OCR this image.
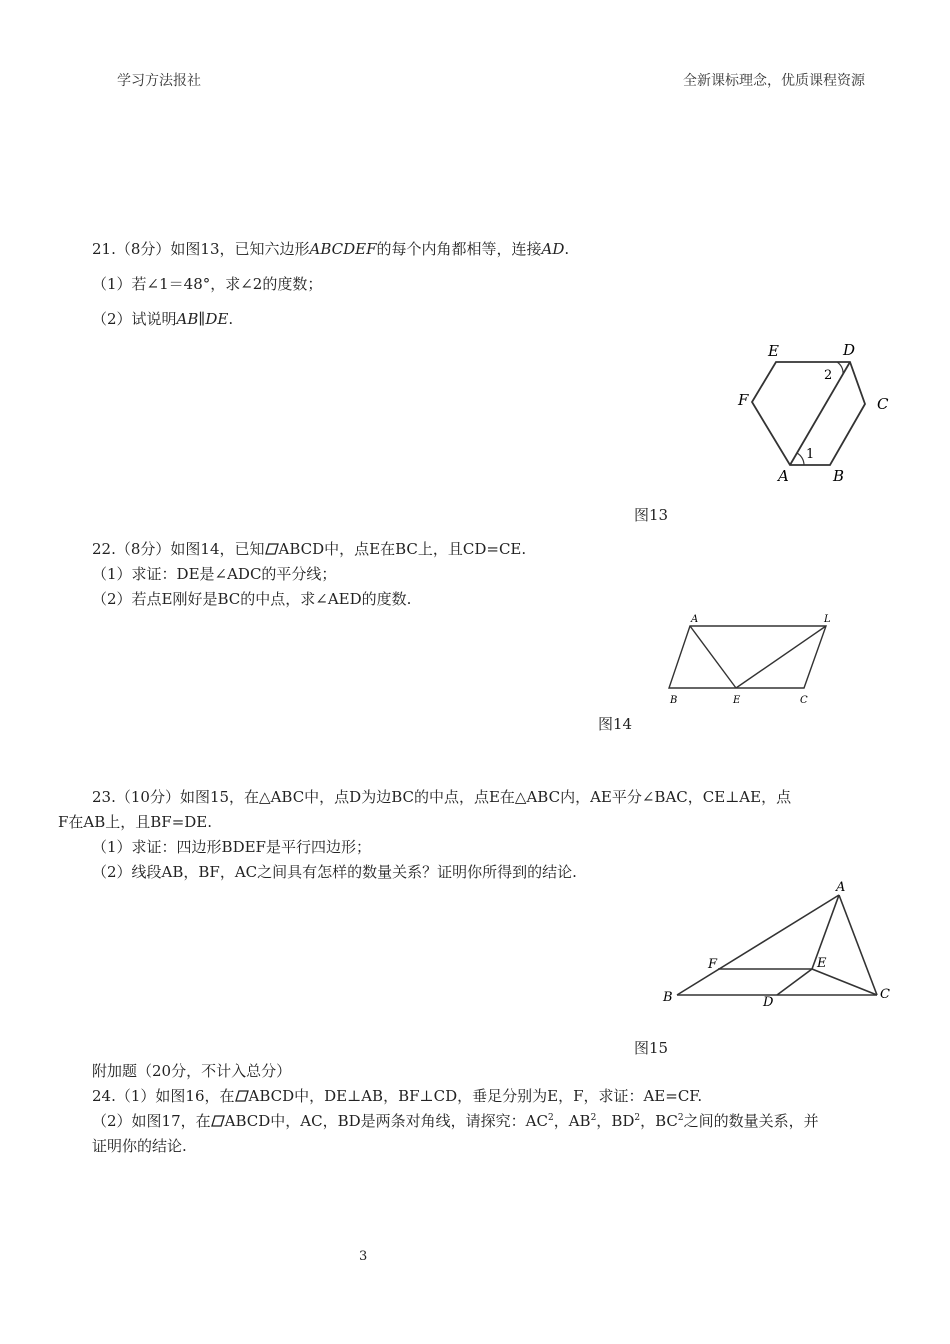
学习方法报社	全新课标理念，优质课程资源
21.（8分）如图13，已知六边形ABCDEF的每个内角都相等，连接AD.
（1）若∠1＝48°，求∠2的度数；
（2）试说明AB∥DE.
E	D
F	C
A	B
1
2
图13
22.（8分）如图14，已知 ABCD中，点E在BC上，且CD=CE.
（1）求证：DE是∠ADC的平分线；
（2）若点E刚好是BC的中点，求∠AED的度数.
A	L
B	E	C
图14
23.（10分）如图15，在△ABC中，点D为边BC的中点，点E在△ABC内，AE平分∠BAC，CE⊥AE，点
F在AB上，且BF=DE.
（1）求证：四边形BDEF是平行四边形；
（2）线段AB，BF，AC之间具有怎样的数量关系？证明你所得到的结论.
A
F	E
B	D
C
图15
附加题（20分，不计入总分）
24.（1）如图16，在 ABCD中，DE⊥AB，BF⊥CD，垂足分别为E，F，求证：AE=CF.
（2）如图17，在 ABCD中，AC，BD是两条对角线，请探究：$AC^2$，$AB^2$，$BD^2$，$BC^2$之间的数量关系，并
证明你的结论.
3
